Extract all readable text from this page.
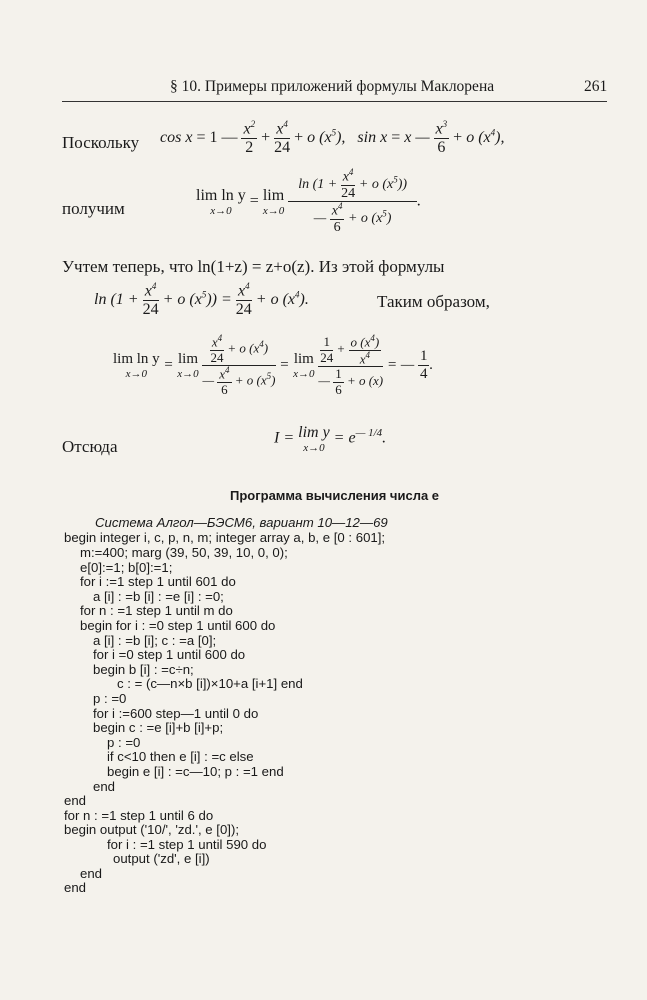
§ 10. Примеры приложений формулы Маклорена	261
Поскольку cos x = 1 — $\frac{x^2}{2} + \frac{x^4}{24} + o$ $(x^5)$,   sin x = x — $\frac{x^3}{6} + o$ $(x^4)$,
получим
lim ln y
x→0
= lim
x→0
$\frac{\ln (1 + \frac{x^4}{24} + o (x^5))}{— \frac{x^4}{6} + o (x^5)}$ .
Учтем теперь, что ln(1+z) = z+o(z). Из этой формулы
$\ln (1 + \frac{x^4}{24} + o$ $(x^5)) = \frac{x^4}{24} + o$ $(x^4)$.	Таким образом,
lim ln y
x→0
= lim
x→0
$\frac{\frac{x^4}{24} + o (x^4)}{— \frac{x^4}{6} + o (x^5)} = \lim$
x→0
$\frac{\frac{1}{24} + \frac{o (x^4)}{x^4}}{— \frac{1}{6} + o (x)}$ = — $\frac{1}{4}$ .
Отсюда	I = lim y
x→0
= $e^{— 1/4}$.
Программа вычисления числа e
Система Алгол—БЭСМ6, вариант 10—12—69
begin integer i, c, p, n, m; integer array a, b, e [0 : 601];
m:=400; marg (39, 50, 39, 10, 0, 0);
e[0]:=1; b[0]:=1;
for i :=1 step 1 until 601 do
a [i] : =b [i] : =e [i] : =0;
for n : =1 step 1 until m do
begin for i : =0 step 1 until 600 do
a [i] : =b [i]; c : =a [0];
for i =0 step 1 until 600 do
begin b [i] : =c÷n;
c : = (c—n×b [i])×10+a [i+1] end
p : =0
for i :=600 step—1 until 0 do
begin c : =e [i]+b [i]+p;
p : =0
if c<10 then e [i] : =c else
begin e [i] : =c—10; p : =1 end
end
end
for n : =1 step 1 until 6 do
begin output ('10/', 'zd.', e [0]);
for i : =1 step 1 until 590 do
output ('zd', e [i])
end
end
